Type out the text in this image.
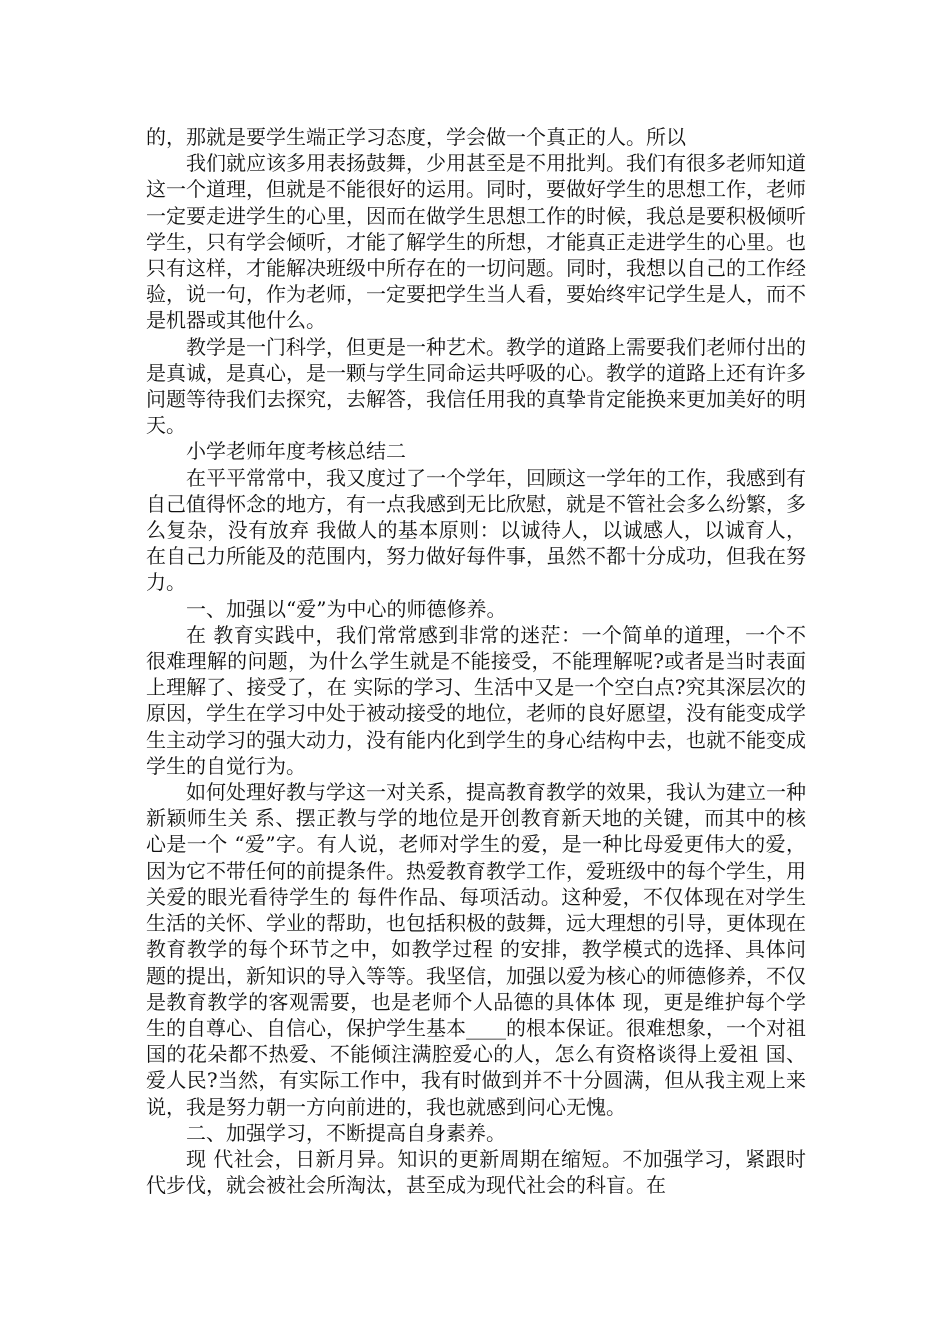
的，那就是要学生端正学习态度，学会做一个真正的人。所以

我们就应该多用表扬鼓舞，少用甚至是不用批判。我们有很多老师知道这一个道理，但就是不能很好的运用。同时，要做好学生的思想工作，老师一定要走进学生的心里，因而在做学生思想工作的时候，我总是要积极倾听学生，只有学会倾听，才能了解学生的所想，才能真正走进学生的心里。也只有这样，才能解决班级中所存在的一切问题。同时，我想以自己的工作经验，说一句，作为老师，一定要把学生当人看，要始终牢记学生是人，而不是机器或其他什么。

教学是一门科学，但更是一种艺术。教学的道路上需要我们老师付出的是真诚，是真心，是一颗与学生同命运共呼吸的心。教学的道路上还有许多问题等待我们去探究，去解答，我信任用我的真挚肯定能换来更加美好的明天。

小学老师年度考核总结二

在平平常常中，我又度过了一个学年，回顾这一学年的工作，我感到有自己值得怀念的地方，有一点我感到无比欣慰，就是不管社会多么纷繁，多么复杂，没有放弃 我做人的基本原则：以诚待人，以诚感人，以诚育人，在自己力所能及的范围内，努力做好每件事，虽然不都十分成功，但我在努力。

一、加强以“爱”为中心的师德修养。

在 教育实践中，我们常常感到非常的迷茫：一个简单的道理，一个不很难理解的问题，为什么学生就是不能接受，不能理解呢?或者是当时表面上理解了、接受了，在 实际的学习、生活中又是一个空白点?究其深层次的原因，学生在学习中处于被动接受的地位，老师的良好愿望，没有能变成学生主动学习的强大动力，没有能内化到学生的身心结构中去，也就不能变成学生的自觉行为。

如何处理好教与学这一对关系，提高教育教学的效果，我认为建立一种新颖师生关 系、摆正教与学的地位是开创教育新天地的关键，而其中的核心是一个 “爱”字。有人说，老师对学生的爱，是一种比母爱更伟大的爱，因为它不带任何的前提条件。热爱教育教学工作，爱班级中的每个学生，用关爱的眼光看待学生的 每件作品、每项活动。这种爱，不仅体现在对学生生活的关怀、学业的帮助，也包括积极的鼓舞，远大理想的引导，更体现在教育教学的每个环节之中，如教学过程 的安排，教学模式的选择、具体问题的提出，新知识的导入等等。我坚信，加强以爱为核心的师德修养，不仅是教育教学的客观需要，也是老师个人品德的具体体 现，更是维护每个学生的自尊心、自信心，保护学生基本____的根本保证。很难想象，一个对祖国的花朵都不热爱、不能倾注满腔爱心的人，怎么有资格谈得上爱祖 国、爱人民?当然，有实际工作中，我有时做到并不十分圆满，但从我主观上来说，我是努力朝一方向前进的，我也就感到问心无愧。

二、加强学习，不断提高自身素养。

现 代社会，日新月异。知识的更新周期在缩短。不加强学习，紧跟时代步伐，就会被社会所淘汰，甚至成为现代社会的科盲。在
